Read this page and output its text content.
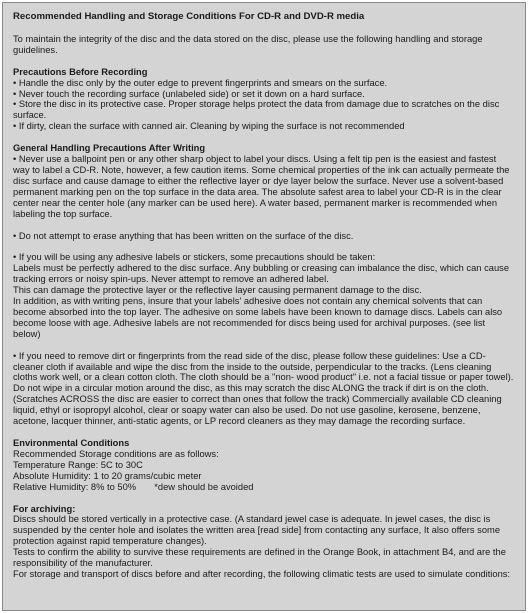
Recommended Handling and Storage Conditions For CD-R and DVD-R media

To maintain the integrity of the disc and the data stored on the disc, please use the following handling and storage guidelines.

Precautions Before Recording

• Handle the disc only by the outer edge to prevent fingerprints and smears on the surface.

• Never touch the recording surface (unlabeled side) or set it down on a hard surface.

• Store the disc in its protective case. Proper storage helps protect the data from damage due to scratches on the disc surface.

• If dirty, clean the surface with canned air. Cleaning by wiping the surface is not recommended

General Handling Precautions After Writing

• Never use a ballpoint pen or any other sharp object to label your discs. Using a felt tip pen is the easiest and fastest way to label a CD-R. Note, however, a few caution items. Some chemical properties of the ink can actually permeate the disc surface and cause damage to either the reflective layer or dye layer below the surface. Never use a solvent-based permanent marking pen on the top surface in the data area. The absolute safest area to label your CD-R is in the clear center near the center hole (any marker can be used here). A water based, permanent marker is recommended when labeling the top surface.

• Do not attempt to erase anything that has been written on the surface of the disc.

• If you will be using any adhesive labels or stickers, some precautions should be taken:

Labels must be perfectly adhered to the disc surface. Any bubbling or creasing can imbalance the disc, which can cause tracking errors or noisy spin-ups. Never attempt to remove an adhered label.

This can damage the protective layer or the reflective layer causing permanent damage to the disc.

In addition, as with writing pens, insure that your labels' adhesive does not contain any chemical solvents that can become absorbed into the top layer. The adhesive on some labels have been known to damage discs. Labels can also become loose with age. Adhesive labels are not recommended for discs being used for archival purposes. (see list below)

• If you need to remove dirt or fingerprints from the read side of the disc, please follow these guidelines: Use a CD-cleaner cloth if available and wipe the disc from the inside to the outside, perpendicular to the tracks. (Lens cleaning cloths work well, or a clean cotton cloth. The cloth should be a "non- wood product" i.e. not a facial tissue or paper towel). Do not wipe in a circular motion around the disc, as this may scratch the disc ALONG the track if dirt is on the cloth. (Scratches ACROSS the disc are easier to correct than ones that follow the track) Commercially available CD cleaning liquid, ethyl or isopropyl alcohol, clear or soapy water can also be used. Do not use gasoline, kerosene, benzene, acetone, lacquer thinner, anti-static agents, or LP record cleaners as they may damage the recording surface.

Environmental Conditions

Recommended Storage conditions are as follows:

Temperature Range: 5C to 30C

Absolute Humidity: 1 to 20 grams/cubic meter

Relative Humidity: 8% to 50%       *dew should be avoided

For archiving:

Discs should be stored vertically in a protective case. (A standard jewel case is adequate. In jewel cases, the disc is suspended by the center hole and isolates the written area [read side] from contacting any surface, It also offers some protection against rapid temperature changes).

Tests to confirm the ability to survive these requirements are defined in the Orange Book, in attachment B4, and are the responsibility of the manufacturer.

For storage and transport of discs before and after recording, the following climatic tests are used to simulate conditions:
